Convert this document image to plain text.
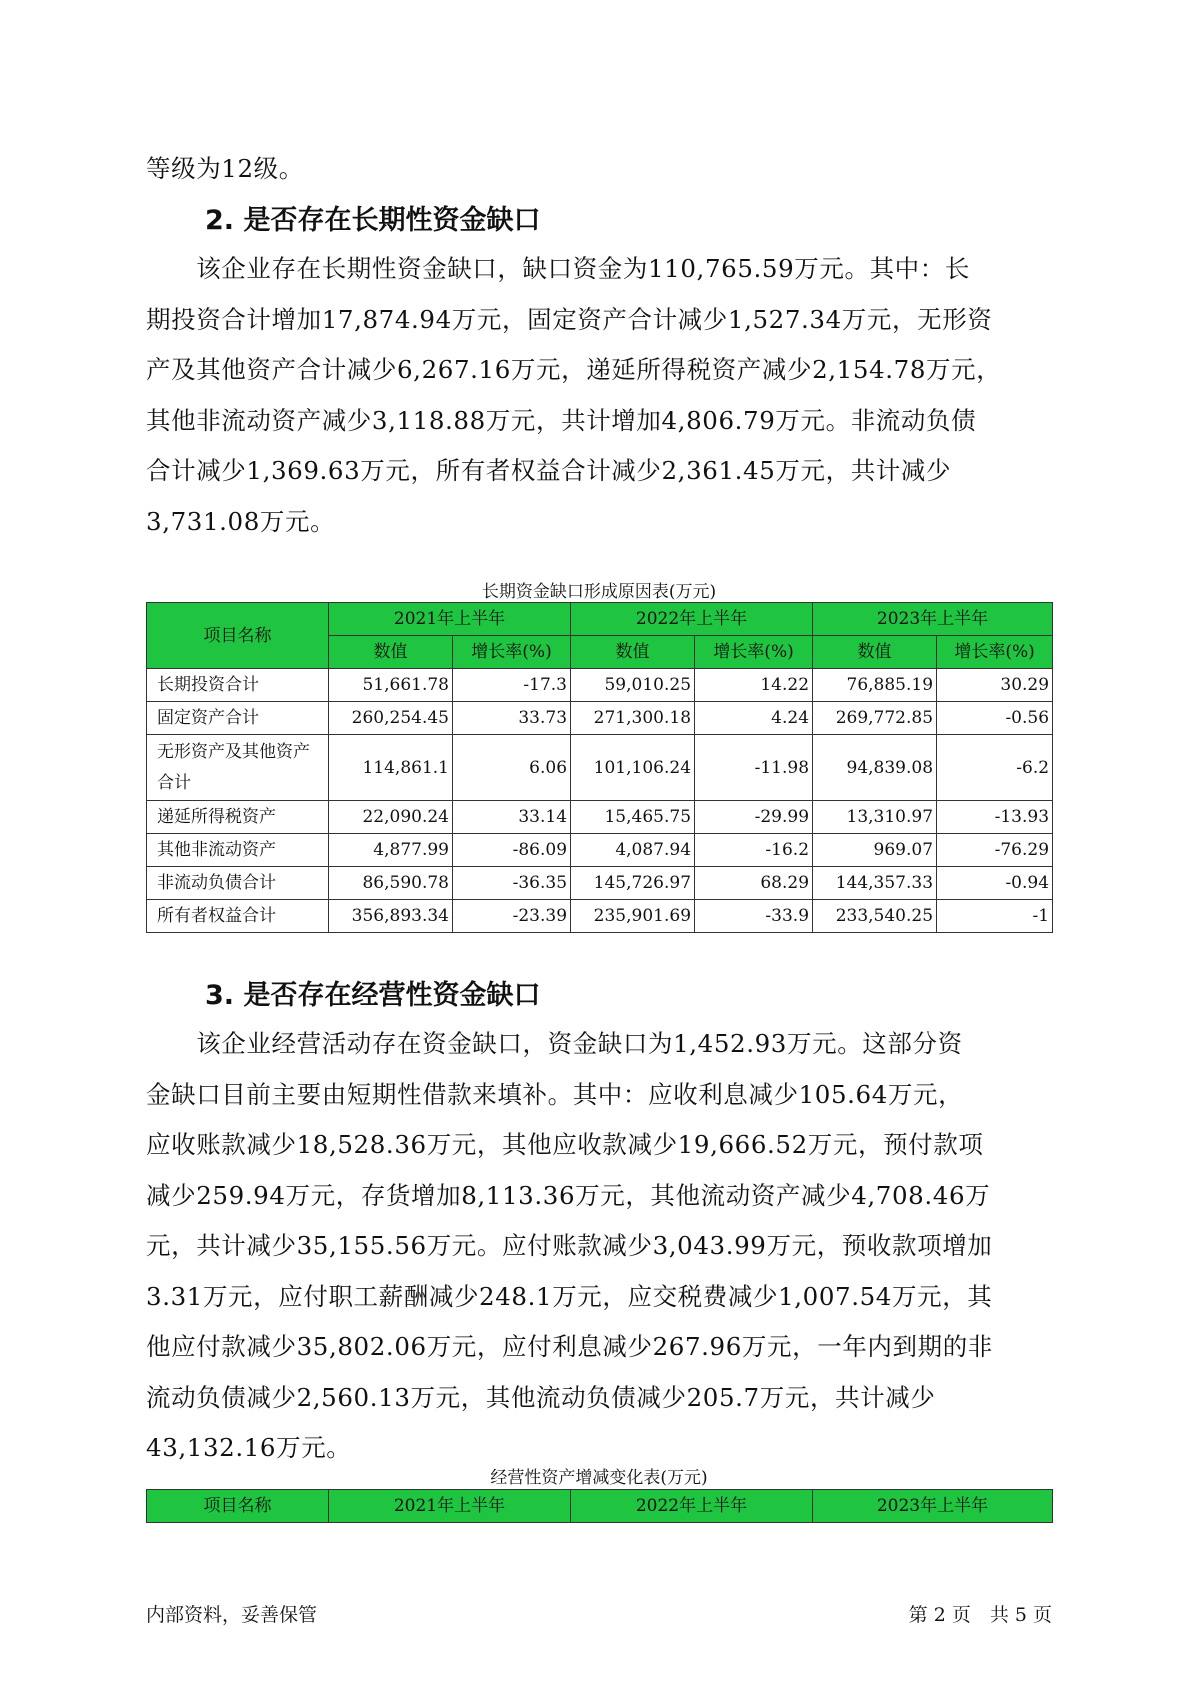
等级为12级。

2. 是否存在长期性资金缺口
　　该企业存在长期性资金缺口，缺口资金为110,765.59万元。其中：长
期投资合计增加17,874.94万元，固定资产合计减少1,527.34万元，无形资
产及其他资产合计减少6,267.16万元，递延所得税资产减少2,154.78万元，
其他非流动资产减少3,118.88万元，共计增加4,806.79万元。非流动负债
合计减少1,369.63万元，所有者权益合计减少2,361.45万元，共计减少
3,731.08万元。

长期资金缺口形成原因表(万元)

项目名称	2021年上半年		2022年上半年		2023年上半年	
	数值	增长率(%)	数值	增长率(%)	数值	增长率(%)
长期投资合计	51,661.78	-17.3	59,010.25	14.22	76,885.19	30.29
固定资产合计	260,254.45	33.73	271,300.18	4.24	269,772.85	-0.56
无形资产及其他资产合计	114,861.1	6.06	101,106.24	-11.98	94,839.08	-6.2
递延所得税资产	22,090.24	33.14	15,465.75	-29.99	13,310.97	-13.93
其他非流动资产	4,877.99	-86.09	4,087.94	-16.2	969.07	-76.29
非流动负债合计	86,590.78	-36.35	145,726.97	68.29	144,357.33	-0.94
所有者权益合计	356,893.34	-23.39	235,901.69	-33.9	233,540.25	-1
3. 是否存在经营性资金缺口
　　该企业经营活动存在资金缺口，资金缺口为1,452.93万元。这部分资
金缺口目前主要由短期性借款来填补。其中：应收利息减少105.64万元，
应收账款减少18,528.36万元，其他应收款减少19,666.52万元，预付款项
减少259.94万元，存货增加8,113.36万元，其他流动资产减少4,708.46万
元，共计减少35,155.56万元。应付账款减少3,043.99万元，预收款项增加
3.31万元，应付职工薪酬减少248.1万元，应交税费减少1,007.54万元，其
他应付款减少35,802.06万元，应付利息减少267.96万元，一年内到期的非
流动负债减少2,560.13万元，其他流动负债减少205.7万元，共计减少
43,132.16万元。

经营性资产增减变化表(万元)

项目名称	2021年上半年	2022年上半年	2023年上半年

内部资料，妥善保管	第 2 页　共 5 页
